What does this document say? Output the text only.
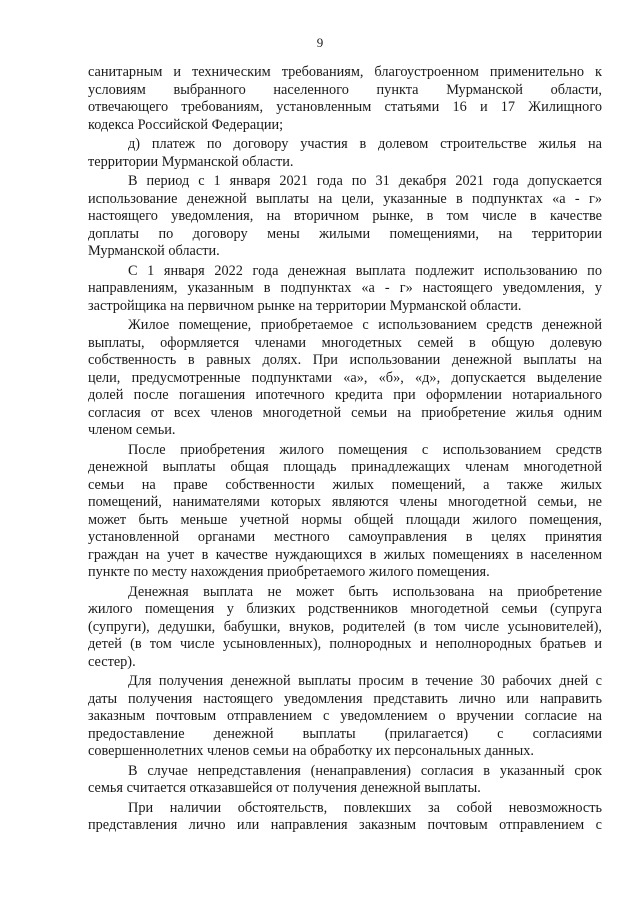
9
санитарным и техническим требованиям, благоустроенном применительно к
условиям выбранного населенного пункта Мурманской области,
отвечающего требованиям, установленным статьями 16 и 17 Жилищного
кодекса Российской Федерации;
д) платеж по договору участия в долевом строительстве жилья на
территории Мурманской области.
В период с 1 января 2021 года по 31 декабря 2021 года допускается
использование денежной выплаты на цели, указанные в подпунктах «а - г»
настоящего уведомления, на вторичном рынке, в том числе в качестве
доплаты по договору мены жилыми помещениями, на территории
Мурманской области.
С 1 января 2022 года денежная выплата подлежит использованию по
направлениям, указанным в подпунктах «а - г» настоящего уведомления, у
застройщика на первичном рынке на территории Мурманской области.
Жилое помещение, приобретаемое с использованием средств денежной
выплаты, оформляется членами многодетных семей в общую долевую
собственность в равных долях. При использовании денежной выплаты на
цели, предусмотренные подпунктами «а», «б», «д», допускается выделение
долей после погашения ипотечного кредита при оформлении нотариального
согласия от всех членов многодетной семьи на приобретение жилья одним
членом семьи.
После приобретения жилого помещения с использованием средств
денежной выплаты общая площадь принадлежащих членам многодетной
семьи на праве собственности жилых помещений, а также жилых
помещений, нанимателями которых являются члены многодетной семьи, не
может быть меньше учетной нормы общей площади жилого помещения,
установленной органами местного самоуправления в целях принятия
граждан на учет в качестве нуждающихся в жилых помещениях в населенном
пункте по месту нахождения приобретаемого жилого помещения.
Денежная выплата не может быть использована на приобретение
жилого помещения у близких родственников многодетной семьи (супруга
(супруги), дедушки, бабушки, внуков, родителей (в том числе усыновителей),
детей (в том числе усыновленных), полнородных и неполнородных братьев и
сестер).
Для получения денежной выплаты просим в течение 30 рабочих дней с
даты получения настоящего уведомления представить лично или направить
заказным почтовым отправлением с уведомлением о вручении согласие на
предоставление денежной выплаты (прилагается) с согласиями
совершеннолетних членов семьи на обработку их персональных данных.
В случае непредставления (ненаправления) согласия в указанный срок
семья считается отказавшейся от получения денежной выплаты.
При наличии обстоятельств, повлекших за собой невозможность
представления лично или направления заказным почтовым отправлением с
